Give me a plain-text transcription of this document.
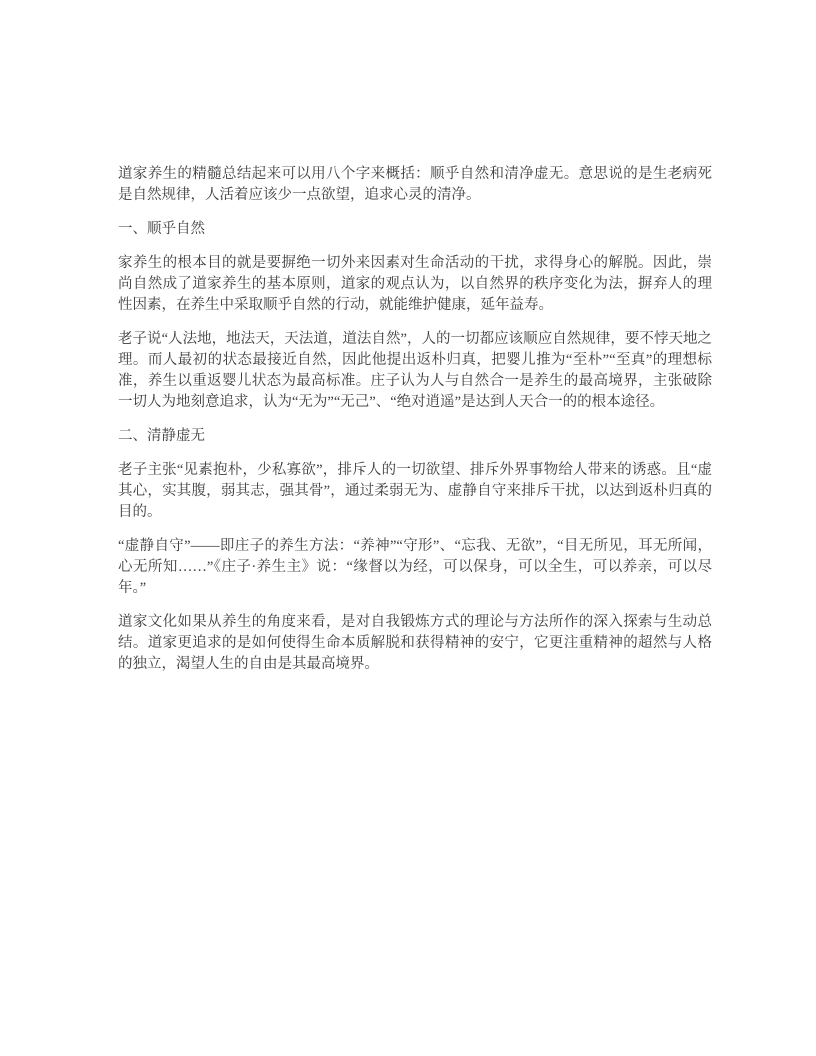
道家养生的精髓总结起来可以用八个字来概括：顺乎自然和清净虚无。意思说的是生老病死是自然规律，人活着应该少一点欲望，追求心灵的清净。

一、顺乎自然

家养生的根本目的就是要摒绝一切外来因素对生命活动的干扰，求得身心的解脱。因此，崇尚自然成了道家养生的基本原则，道家的观点认为，以自然界的秩序变化为法，摒弃人的理性因素，在养生中采取顺乎自然的行动，就能维护健康，延年益寿。

老子说“人法地，地法天，天法道，道法自然”，人的一切都应该顺应自然规律，要不悖天地之理。而人最初的状态最接近自然，因此他提出返朴归真，把婴儿推为“至朴”“至真”的理想标准，养生以重返婴儿状态为最高标准。庄子认为人与自然合一是养生的最高境界，主张破除一切人为地刻意追求，认为“无为”“无己”、“绝对逍遥”是达到人天合一的的根本途径。

二、清静虚无

老子主张“见素抱朴，少私寡欲”，排斥人的一切欲望、排斥外界事物给人带来的诱惑。且“虚其心，实其腹，弱其志，强其骨”，通过柔弱无为、虚静自守来排斥干扰，以达到返朴归真的目的。

“虚静自守”——即庄子的养生方法：“养神”“守形”、“忘我、无欲”，“目无所见，耳无所闻，心无所知……”《庄子·养生主》说：“缘督以为经，可以保身，可以全生，可以养亲，可以尽年。”

道家文化如果从养生的角度来看，是对自我锻炼方式的理论与方法所作的深入探索与生动总结。道家更追求的是如何使得生命本质解脱和获得精神的安宁，它更注重精神的超然与人格的独立，渴望人生的自由是其最高境界。
